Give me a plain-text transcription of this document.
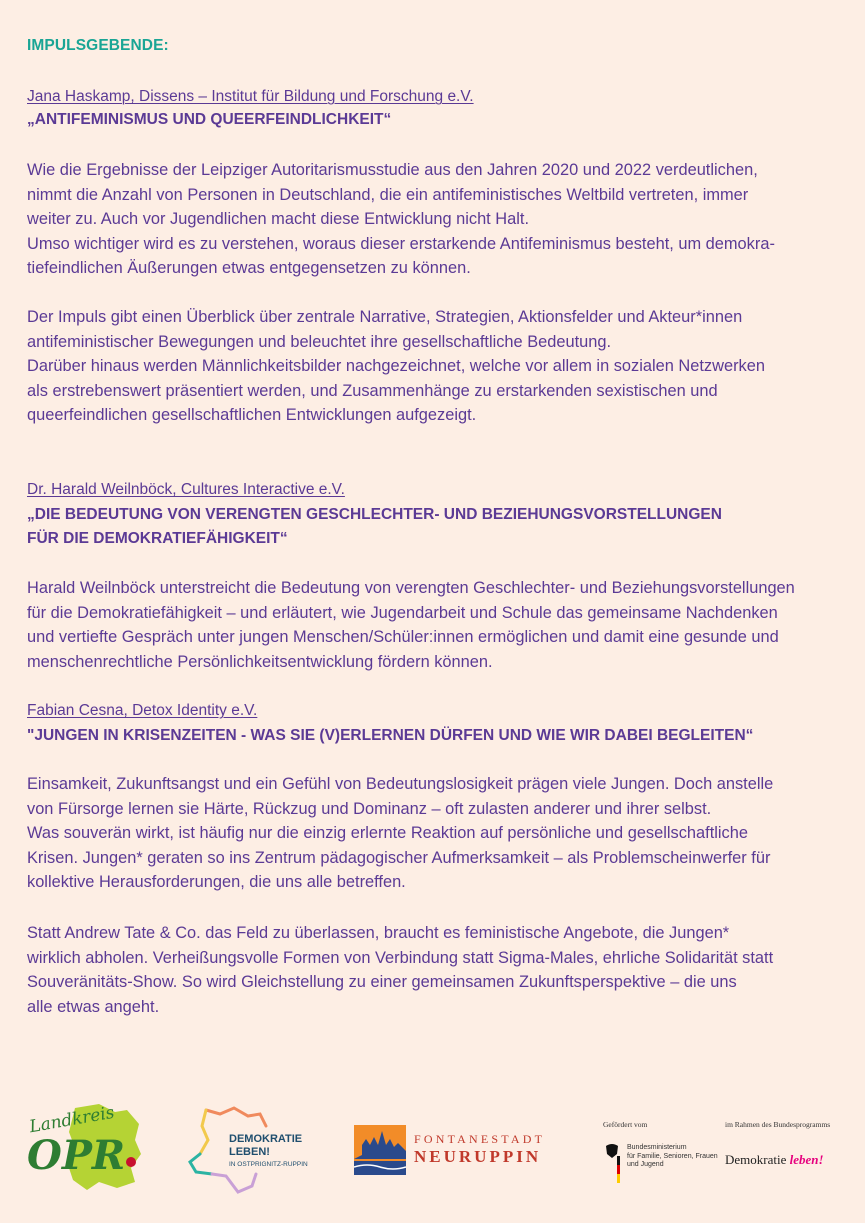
IMPULSGEBENDE:
Jana Haskamp, Dissens – Institut für Bildung und Forschung e.V.
„ANTIFEMINISMUS UND QUEERFEINDLICHKEIT“

Wie die Ergebnisse der Leipziger Autoritarismusstudie aus den Jahren 2020 und 2022 verdeutlichen,
nimmt die Anzahl von Personen in Deutschland, die ein antifeministisches Weltbild vertreten, immer
weiter zu. Auch vor Jugendlichen macht diese Entwicklung nicht Halt.
Umso wichtiger wird es zu verstehen, woraus dieser erstarkende Antifeminismus besteht, um demokra-
tiefeindlichen Äußerungen etwas entgegensetzen zu können.

Der Impuls gibt einen Überblick über zentrale Narrative, Strategien, Aktionsfelder und Akteur*innen
antifeministischer Bewegungen und beleuchtet ihre gesellschaftliche Bedeutung.
Darüber hinaus werden Männlichkeitsbilder nachgezeichnet, welche vor allem in sozialen Netzwerken
als erstrebenswert präsentiert werden, und Zusammenhänge zu erstarkenden sexistischen und
queerfeindlichen gesellschaftlichen Entwicklungen aufgezeigt.

Dr. Harald Weilnböck, Cultures Interactive e.V.
„DIE BEDEUTUNG VON VERENGTEN GESCHLECHTER- UND BEZIEHUNGSVORSTELLUNGEN
FÜR DIE DEMOKRATIEFÄHIGKEIT“

Harald Weilnböck unterstreicht die Bedeutung von verengten Geschlechter- und Beziehungsvorstellungen
für die Demokratiefähigkeit – und erläutert, wie Jugendarbeit und Schule das gemeinsame Nachdenken
und vertiefte Gespräch unter jungen Menschen/Schüler:innen ermöglichen und damit eine gesunde und
menschenrechtliche Persönlichkeitsentwicklung fördern können.

Fabian Cesna, Detox Identity e.V.
"JUNGEN IN KRISENZEITEN - WAS SIE (V)ERLERNEN DÜRFEN UND WIE WIR DABEI BEGLEITEN“

Einsamkeit, Zukunftsangst und ein Gefühl von Bedeutungslosigkeit prägen viele Jungen. Doch anstelle
von Fürsorge lernen sie Härte, Rückzug und Dominanz – oft zulasten anderer und ihrer selbst.
Was souverän wirkt, ist häufig nur die einzig erlernte Reaktion auf persönliche und gesellschaftliche
Krisen. Jungen* geraten so ins Zentrum pädagogischer Aufmerksamkeit – als Problemscheinwerfer für
kollektive Herausforderungen, die uns alle betreffen.

Statt Andrew Tate & Co. das Feld zu überlassen, braucht es feministische Angebote, die Jungen*
wirklich abholen. Verheißungsvolle Formen von Verbindung statt Sigma-Males, ehrliche Solidarität statt
Souveränitäts-Show. So wird Gleichstellung zu einer gemeinsamen Zukunftsperspektive – die uns
alle etwas angeht.

Landkreis
OPR	DEMOKRATIE
LEBEN!
IN OSTPRIGNITZ-RUPPIN
FONTANESTADT
NEURUPPIN
Gefördert vom
Bundesministerium
für Familie, Senioren, Frauen
und Jugend
im Rahmen des Bundesprogramms
Demokratie leben!
